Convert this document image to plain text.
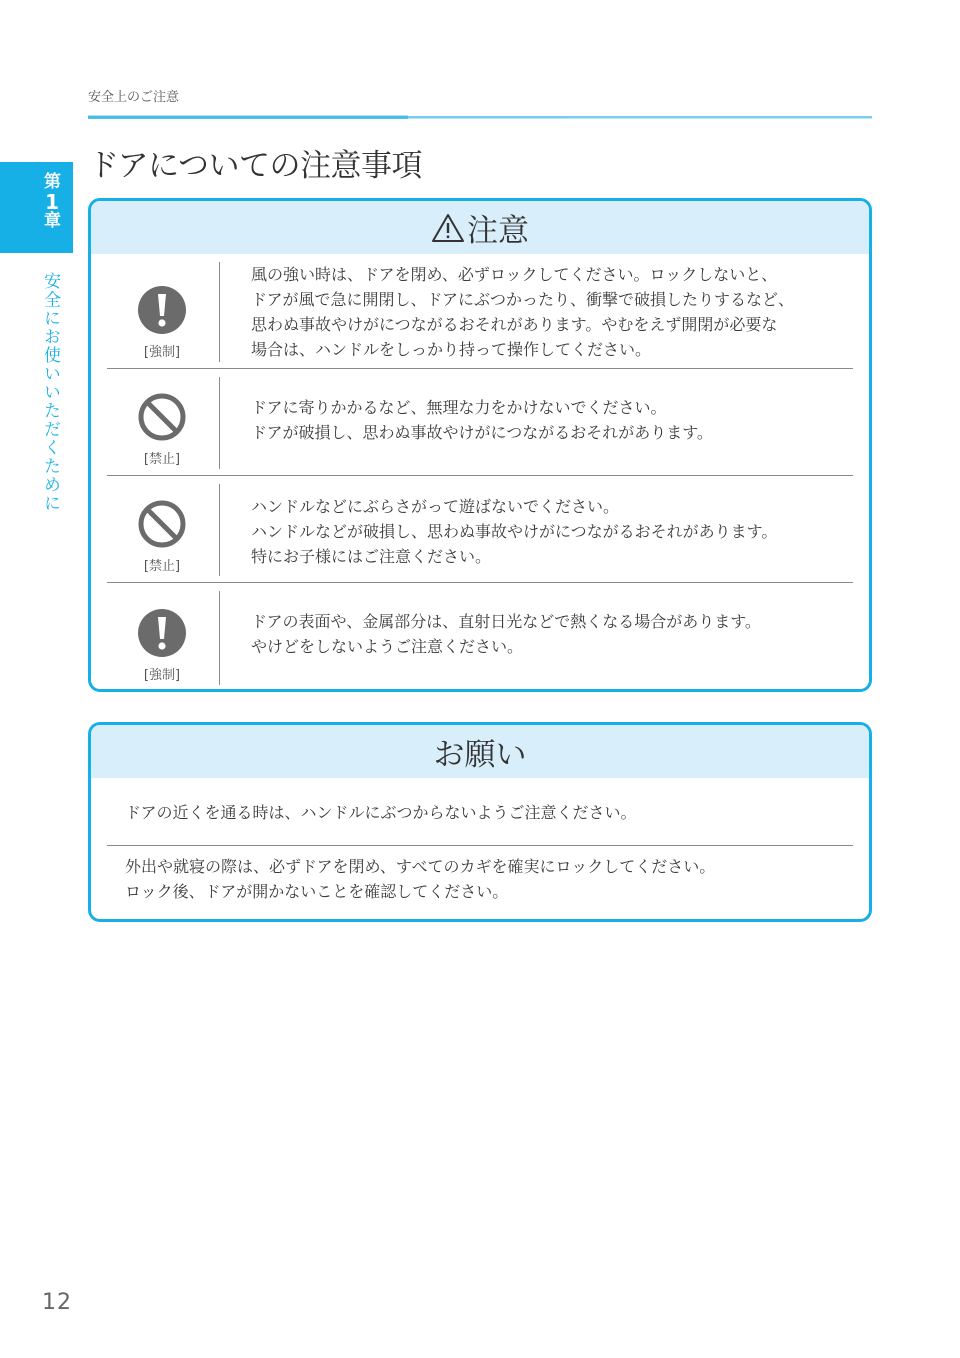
安全上のご注意
ドアについての注意事項
第
1
章
安全にお使いいただくために
注意
[強制]
風の強い時は、ドアを閉め、必ずロックしてください。ロックしないと、
ドアが風で急に開閉し、ドアにぶつかったり、衝撃で破損したりするなど、
思わぬ事故やけがにつながるおそれがあります。やむをえず開閉が必要な
場合は、ハンドルをしっかり持って操作してください。
[禁止]
ドアに寄りかかるなど、無理な力をかけないでください。
ドアが破損し、思わぬ事故やけがにつながるおそれがあります。
[禁止]
ハンドルなどにぶらさがって遊ばないでください。
ハンドルなどが破損し、思わぬ事故やけがにつながるおそれがあります。
特にお子様にはご注意ください。
[強制]
ドアの表面や、金属部分は、直射日光などで熱くなる場合があります。
やけどをしないようご注意ください。
お願い
ドアの近くを通る時は、ハンドルにぶつからないようご注意ください。
外出や就寝の際は、必ずドアを閉め、すべてのカギを確実にロックしてください。
ロック後、ドアが開かないことを確認してください。
12
